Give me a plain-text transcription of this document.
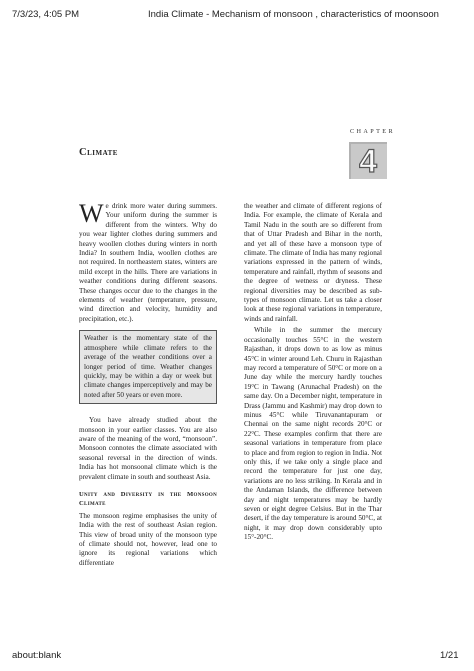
7/3/23, 4:05 PM	India Climate - Mechanism of monsoon , characteristics of moonsoon
CHAPTER
4
Climate

We drink more water during summers. Your uniform during the summer is different from the winters. Why do you wear lighter clothes during summers and heavy woollen clothes during winters in north India? In southern India, woollen clothes are not required. In northeastern states, winters are mild except in the hills. There are variations in weather conditions during different seasons. These changes occur due to the changes in the elements of weather (temperature, pressure, wind direction and velocity, humidity and precipitation, etc.).

Weather is the momentary state of the atmosphere while climate refers to the average of the weather conditions over a longer period of time. Weather changes quickly, may be within a day or week but climate changes imperceptively and may be noted after 50 years or even more.

You have already studied about the monsoon in your earlier classes. You are also aware of the meaning of the word, “monsoon”. Monsoon connotes the climate associated with seasonal reversal in the direction of winds. India has hot monsoonal climate which is the prevalent climate in south and southeast Asia.

Unity and Diversity in the Monsoon Climate

The monsoon regime emphasises the unity of India with the rest of southeast Asian region. This view of broad unity of the monsoon type of climate should not, however, lead one to ignore its regional variations which differentiate

the weather and climate of different regions of India. For example, the climate of Kerala and Tamil Nadu in the south are so different from that of Uttar Pradesh and Bihar in the north, and yet all of these have a monsoon type of climate. The climate of India has many regional variations expressed in the pattern of winds, temperature and rainfall, rhythm of seasons and the degree of wetness or dryness. These regional diversities may be described as sub-types of monsoon climate. Let us take a closer look at these regional variations in temperature, winds and rainfall.

While in the summer the mercury occasionally touches 55°C in the western Rajasthan, it drops down to as low as minus 45°C in winter around Leh. Churu in Rajasthan may record a temperature of 50°C or more on a June day while the mercury hardly touches 19°C in Tawang (Arunachal Pradesh) on the same day. On a December night, temperature in Drass (Jammu and Kashmir) may drop down to minus 45°C while Tiruvanantapuram or Chennai on the same night records 20°C or 22°C. These examples confirm that there are seasonal variations in temperature from place to place and from region to region in India. Not only this, if we take only a single place and record the temperature for just one day, variations are no less striking. In Kerala and in the Andaman Islands, the difference between day and night temperatures may be hardly seven or eight degree Celsius. But in the Thar desert, if the day temperature is around 50°C, at night, it may drop down considerably upto 15°-20°C.

about:blank	1/21
